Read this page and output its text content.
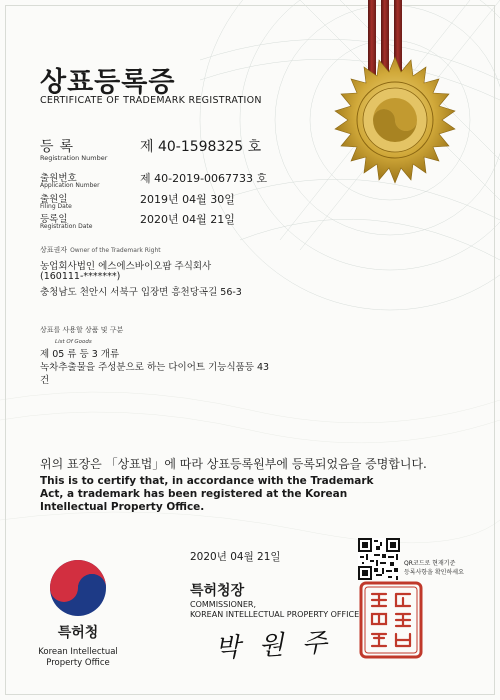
상표등록증
CERTIFICATE OF TRADEMARK REGISTRATION
등록
Registration Number
제 40-1598325 호
출원번호
Application Number
제 40-2019-0067733 호
출원일
Filing Date
2019년 04월 30일
등록일
Registration Date
2020년 04월 21일
상표권자 Owner of the Trademark Right
농업회사법인 에스에스바이오팜 주식회사
(160111-*******)
충청남도 천안시 서북구 입장면 흥천당곡길 56-3
상표를 사용할 상품 및 구분
List Of Goods
제 05 류 등 3 개류
녹차추출물을 주성분으로 하는 다이어트 기능식품등 43
건
위의 표장은 「상표법」에 따라 상표등록원부에 등록되었음을 증명합니다.
This is to certify that, in accordance with the Trademark Act, a trademark has been registered at the Korean Intellectual Property Office.
2020년 04월 21일
QR코드로 현재기준
등록사항을 확인하세요
특허청장
COMMISSIONER,
KOREAN INTELLECTUAL PROPERTY OFFICE
박 원 주
특허청
Korean Intellectual
Property Office
